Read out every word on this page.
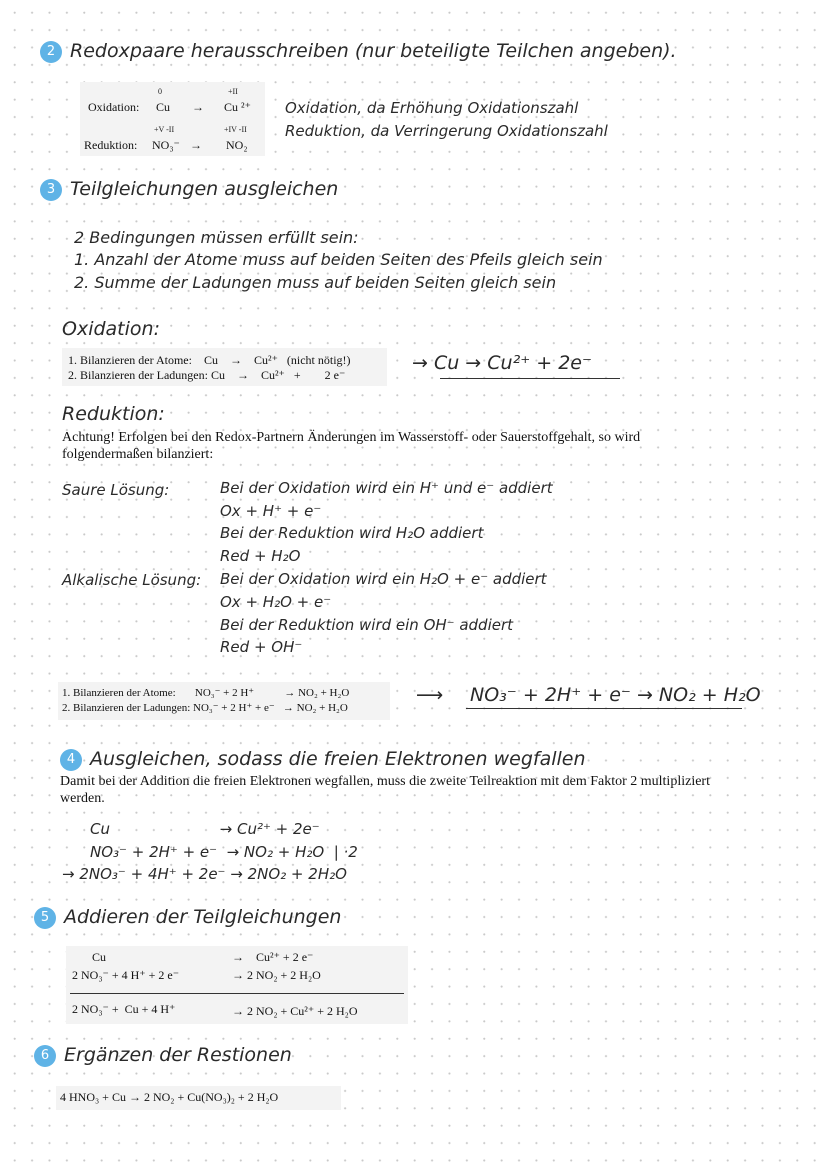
2 Redoxpaare herausschreiben (nur beteiligte Teilchen angeben).
0	+II
Oxidation: Cu → Cu ²⁺
+V -II	+IV -II
Reduktion: NO₃⁻ → NO₂
Oxidation, da Erhöhung Oxidationszahl
Reduktion, da Verringerung Oxidationszahl
3 Teilgleichungen ausgleichen
2 Bedingungen müssen erfüllt sein:
1. Anzahl der Atome muss auf beiden Seiten des Pfeils gleich sein
2. Summe der Ladungen muss auf beiden Seiten gleich sein
Oxidation:
1. Bilanzieren der Atome:    Cu    →    Cu²⁺   (nicht nötig!)
2. Bilanzieren der Ladungen: Cu    →    Cu²⁺   +        2 e⁻
→ Cu → Cu²⁺ + 2e⁻
Reduktion:
Achtung! Erfolgen bei den Redox-Partnern Änderungen im Wasserstoff- oder Sauerstoffgehalt, so wird
folgendermaßen bilanziert:
Saure Lösung:	Bei der Oxidation wird ein H⁺ und e⁻ addiert
Ox + H⁺ + e⁻
Bei der Reduktion wird H₂O addiert
Red + H₂O
Alkalische Lösung: Bei der Oxidation wird ein H₂O + e⁻ addiert
Ox + H₂O + e⁻
Bei der Reduktion wird ein OH⁻ addiert
Red + OH⁻
1. Bilanzieren der Atome:       NO₃⁻ + 2 H⁺           → NO₂ + H₂O
2. Bilanzieren der Ladungen: NO₃⁻ + 2 H⁺ + e⁻   → NO₂ + H₂O
⟶ NO₃⁻ + 2H⁺ + e⁻ → NO₂ + H₂O
4 Ausgleichen, sodass die freien Elektronen wegfallen
Damit bei der Addition die freien Elektronen wegfallen, muss die zweite Teilreaktion mit dem Faktor 2 multipliziert
werden.
Cu                       → Cu²⁺ + 2e⁻
NO₃⁻ + 2H⁺ + e⁻  → NO₂ + H₂O  | ·2
→ 2NO₃⁻ + 4H⁺ + 2e⁻ → 2NO₂ + 2H₂O
5 Addieren der Teilgleichungen
Cu	→    Cu²⁺ + 2 e⁻
2 NO₃⁻ + 4 H⁺ + 2 e⁻	→ 2 NO₂ + 2 H₂O
2 NO₃⁻ +  Cu + 4 H⁺	→ 2 NO₂ + Cu²⁺ + 2 H₂O
6 Ergänzen der Restionen
4 HNO₃ + Cu → 2 NO₂ + Cu(NO₃)₂ + 2 H₂O
